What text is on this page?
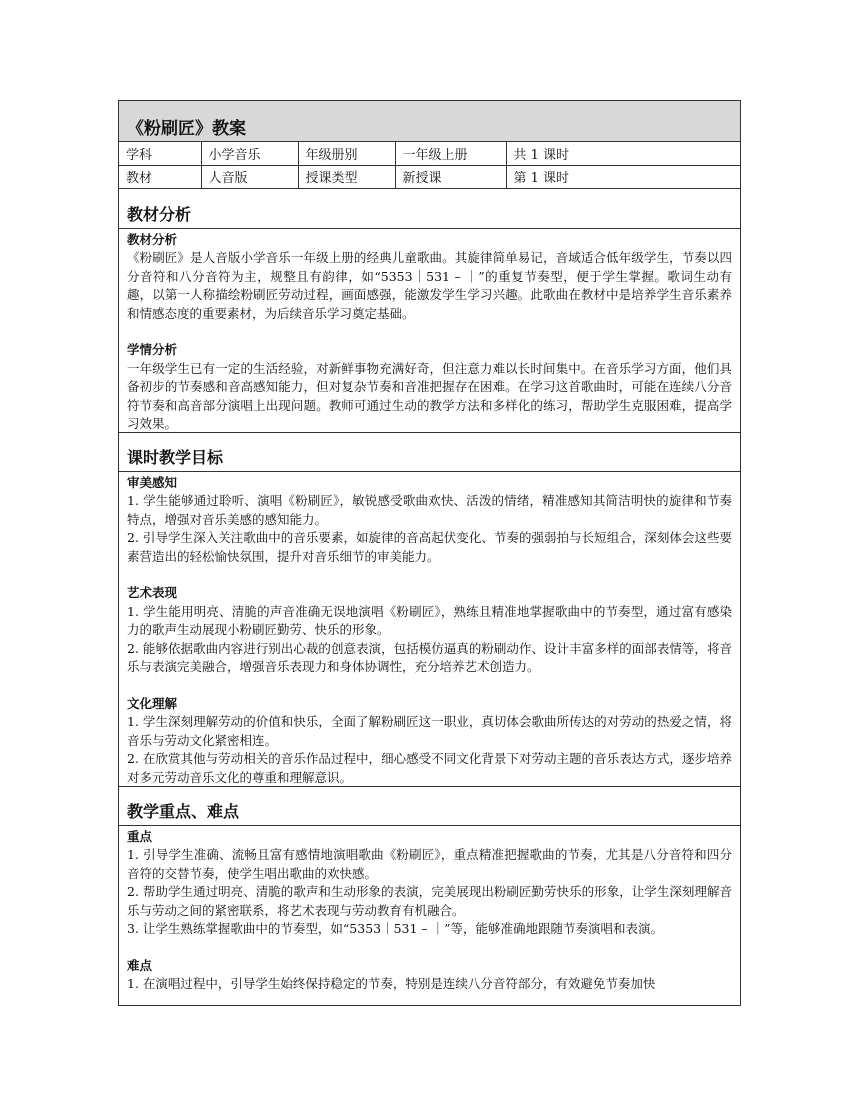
《粉刷匠》教案
学科	小学音乐	年级册别	一年级上册	共 1 课时
教材	人音版	授课类型	新授课	第 1 课时
教材分析
教材分析
《粉刷匠》是人音版小学音乐一年级上册的经典儿童歌曲。其旋律简单易记，音域适合低年级学生，节奏以四分音符和八分音符为主，规整且有韵律，如“5353｜531 – ｜”的重复节奏型，便于学生掌握。歌词生动有趣，以第一人称描绘粉刷匠劳动过程，画面感强，能激发学生学习兴趣。此歌曲在教材中是培养学生音乐素养和情感态度的重要素材，为后续音乐学习奠定基础。
学情分析
一年级学生已有一定的生活经验，对新鲜事物充满好奇，但注意力难以长时间集中。在音乐学习方面，他们具备初步的节奏感和音高感知能力，但对复杂节奏和音准把握存在困难。在学习这首歌曲时，可能在连续八分音符节奏和高音部分演唱上出现问题。教师可通过生动的教学方法和多样化的练习，帮助学生克服困难，提高学习效果。
课时教学目标
审美感知
1. 学生能够通过聆听、演唱《粉刷匠》，敏锐感受歌曲欢快、活泼的情绪，精准感知其简洁明快的旋律和节奏特点，增强对音乐美感的感知能力。
2. 引导学生深入关注歌曲中的音乐要素，如旋律的音高起伏变化、节奏的强弱拍与长短组合，深刻体会这些要素营造出的轻松愉快氛围，提升对音乐细节的审美能力。
艺术表现
1. 学生能用明亮、清脆的声音准确无误地演唱《粉刷匠》，熟练且精准地掌握歌曲中的节奏型，通过富有感染力的歌声生动展现小粉刷匠勤劳、快乐的形象。
2. 能够依据歌曲内容进行别出心裁的创意表演，包括模仿逼真的粉刷动作、设计丰富多样的面部表情等，将音乐与表演完美融合，增强音乐表现力和身体协调性，充分培养艺术创造力。
文化理解
1. 学生深刻理解劳动的价值和快乐，全面了解粉刷匠这一职业，真切体会歌曲所传达的对劳动的热爱之情，将音乐与劳动文化紧密相连。
2. 在欣赏其他与劳动相关的音乐作品过程中，细心感受不同文化背景下对劳动主题的音乐表达方式，逐步培养对多元劳动音乐文化的尊重和理解意识。
教学重点、难点
重点
1. 引导学生准确、流畅且富有感情地演唱歌曲《粉刷匠》，重点精准把握歌曲的节奏，尤其是八分音符和四分音符的交替节奏，使学生唱出歌曲的欢快感。
2. 帮助学生通过明亮、清脆的歌声和生动形象的表演，完美展现出粉刷匠勤劳快乐的形象，让学生深刻理解音乐与劳动之间的紧密联系，将艺术表现与劳动教育有机融合。
3. 让学生熟练掌握歌曲中的节奏型，如“5353｜531 – ｜”等，能够准确地跟随节奏演唱和表演。
难点
1. 在演唱过程中，引导学生始终保持稳定的节奏，特别是连续八分音符部分，有效避免节奏加快
